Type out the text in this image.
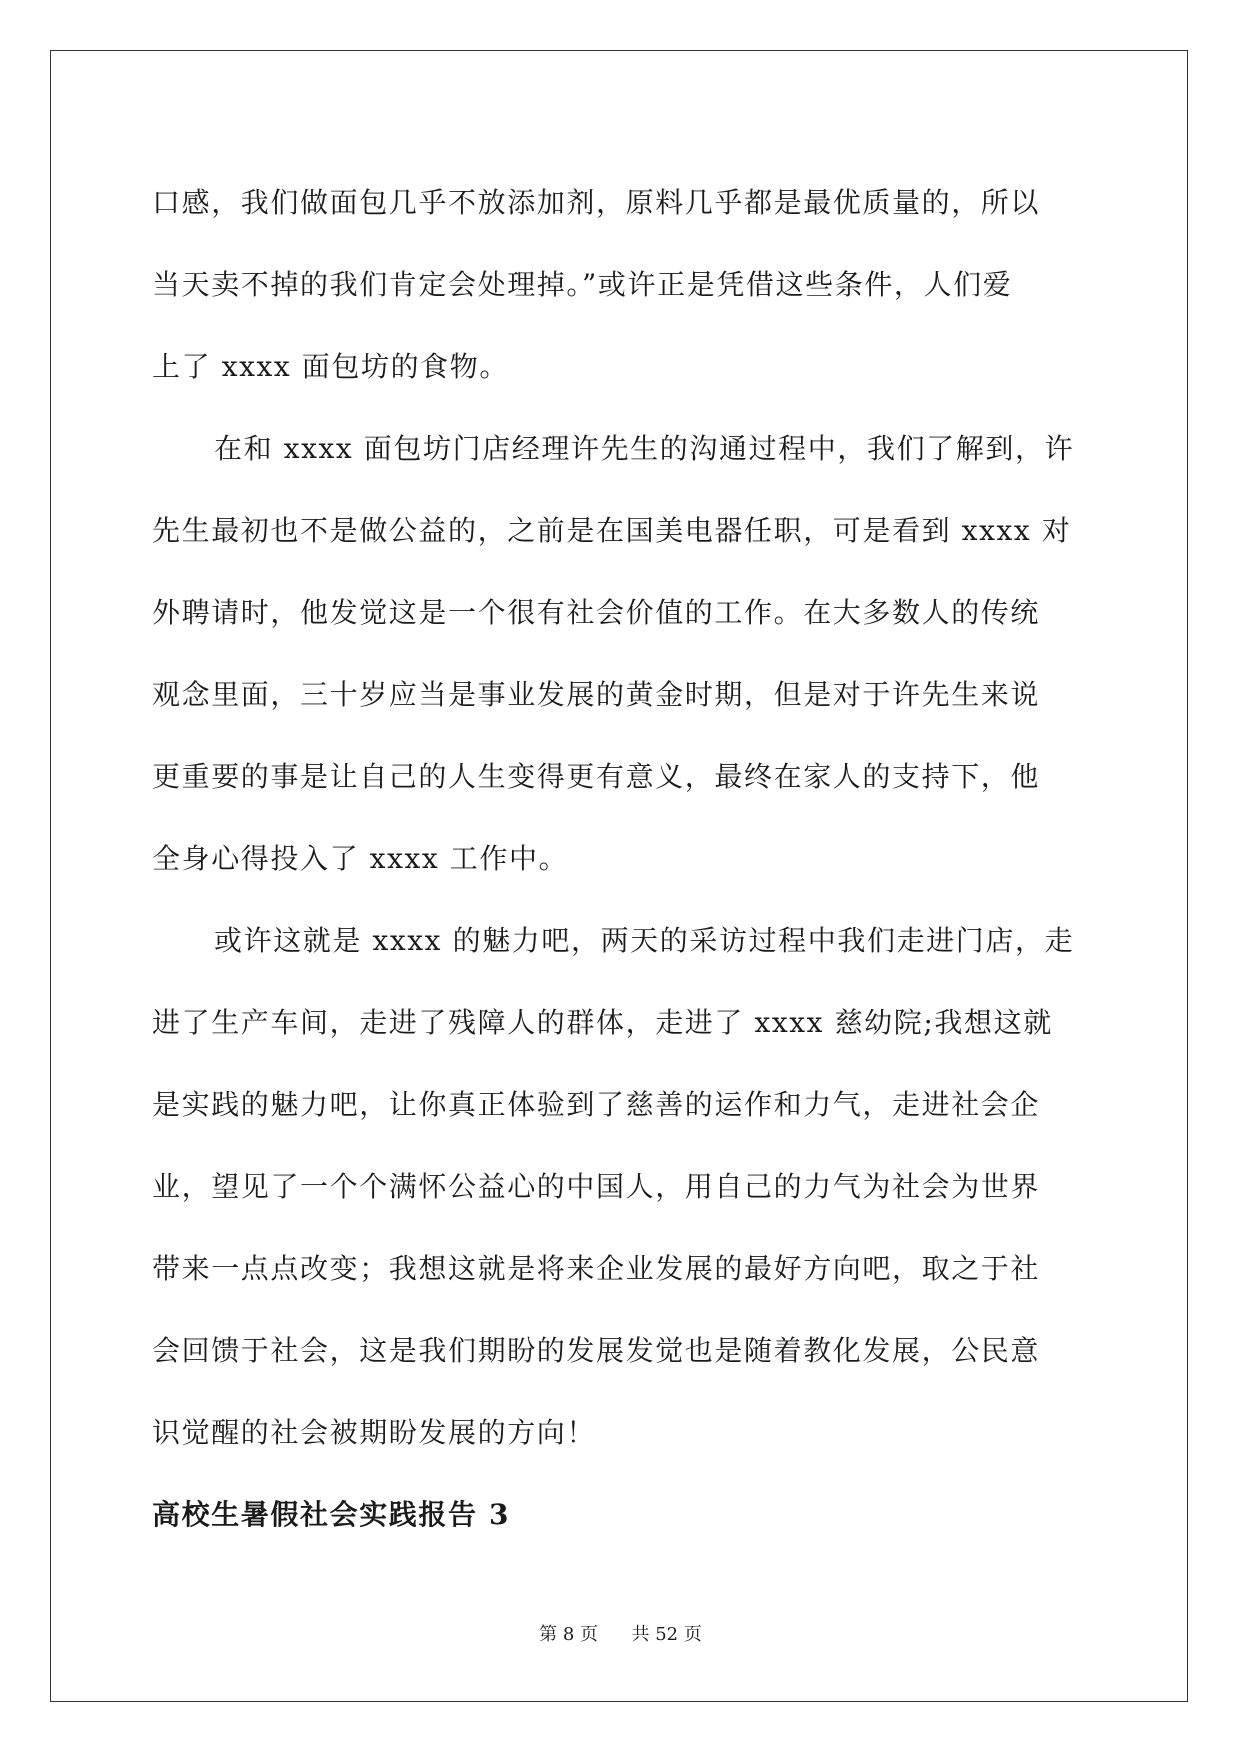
口感，我们做面包几乎不放添加剂，原料几乎都是最优质量的，所以
当天卖不掉的我们肯定会处理掉。”或许正是凭借这些条件，人们爱
上了 xxxx 面包坊的食物。
在和 xxxx 面包坊门店经理许先生的沟通过程中，我们了解到，许
先生最初也不是做公益的，之前是在国美电器任职，可是看到 xxxx 对
外聘请时，他发觉这是一个很有社会价值的工作。在大多数人的传统
观念里面，三十岁应当是事业发展的黄金时期，但是对于许先生来说
更重要的事是让自己的人生变得更有意义，最终在家人的支持下，他
全身心得投入了 xxxx 工作中。
或许这就是 xxxx 的魅力吧，两天的采访过程中我们走进门店，走
进了生产车间，走进了残障人的群体，走进了 xxxx 慈幼院;我想这就
是实践的魅力吧，让你真正体验到了慈善的运作和力气，走进社会企
业，望见了一个个满怀公益心的中国人，用自己的力气为社会为世界
带来一点点改变；我想这就是将来企业发展的最好方向吧，取之于社
会回馈于社会，这是我们期盼的发展发觉也是随着教化发展，公民意
识觉醒的社会被期盼发展的方向！
高校生暑假社会实践报告 3
第 8 页 共 52 页
